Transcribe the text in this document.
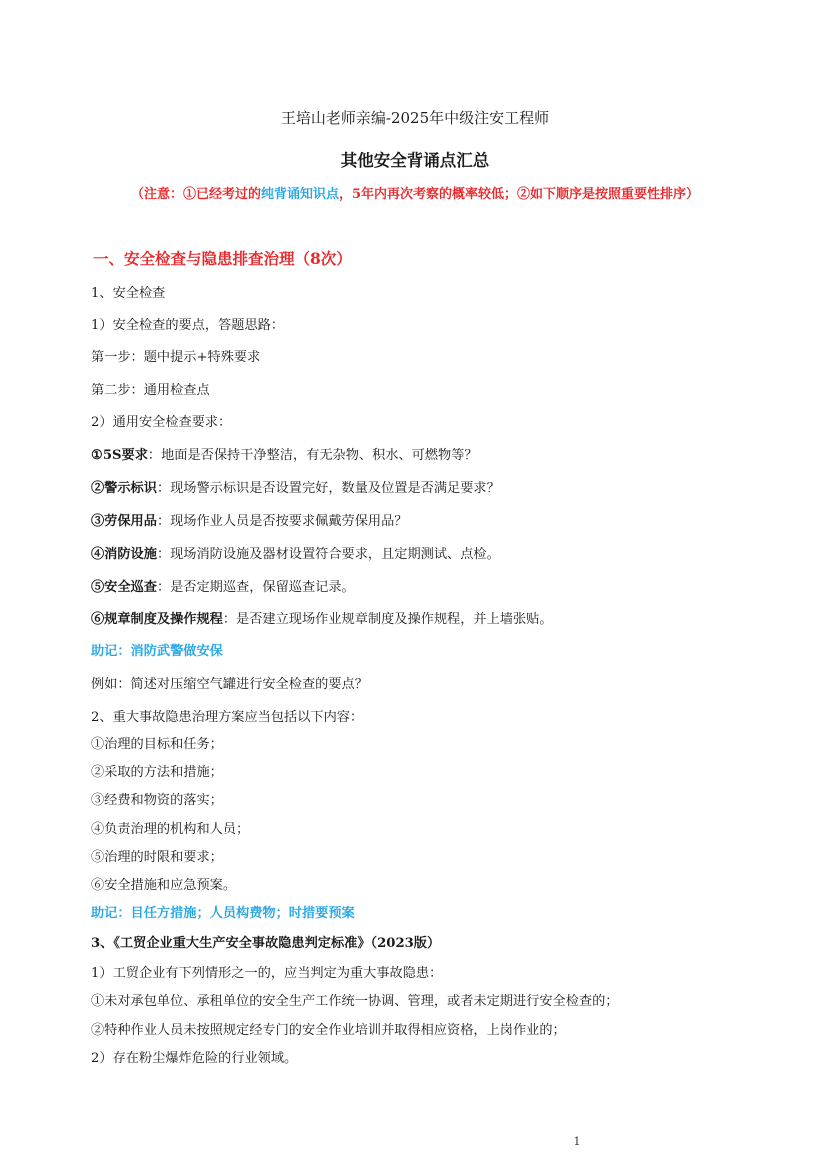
王培山老师亲编-2025年中级注安工程师
其他安全背诵点汇总
（注意：①已经考过的纯背诵知识点，5年内再次考察的概率较低；②如下顺序是按照重要性排序）
一、安全检查与隐患排查治理（8次）
1、安全检查
1）安全检查的要点，答题思路：
第一步：题中提示+特殊要求
第二步：通用检查点
2）通用安全检查要求：
①5S要求：地面是否保持干净整洁，有无杂物、积水、可燃物等？
②警示标识：现场警示标识是否设置完好，数量及位置是否满足要求？
③劳保用品：现场作业人员是否按要求佩戴劳保用品？
④消防设施：现场消防设施及器材设置符合要求，且定期测试、点检。
⑤安全巡查：是否定期巡查，保留巡查记录。
⑥规章制度及操作规程：是否建立现场作业规章制度及操作规程，并上墙张贴。
助记：消防武警做安保
例如：简述对压缩空气罐进行安全检查的要点？
2、重大事故隐患治理方案应当包括以下内容：
①治理的目标和任务；
②采取的方法和措施；
③经费和物资的落实；
④负责治理的机构和人员；
⑤治理的时限和要求；
⑥安全措施和应急预案。
助记：目任方措施；人员构费物；时措要预案
3、《工贸企业重大生产安全事故隐患判定标准》（2023版）
1）工贸企业有下列情形之一的，应当判定为重大事故隐患：
①未对承包单位、承租单位的安全生产工作统一协调、管理，或者未定期进行安全检查的；
②特种作业人员未按照规定经专门的安全作业培训并取得相应资格，上岗作业的；
2）存在粉尘爆炸危险的行业领域。
1
